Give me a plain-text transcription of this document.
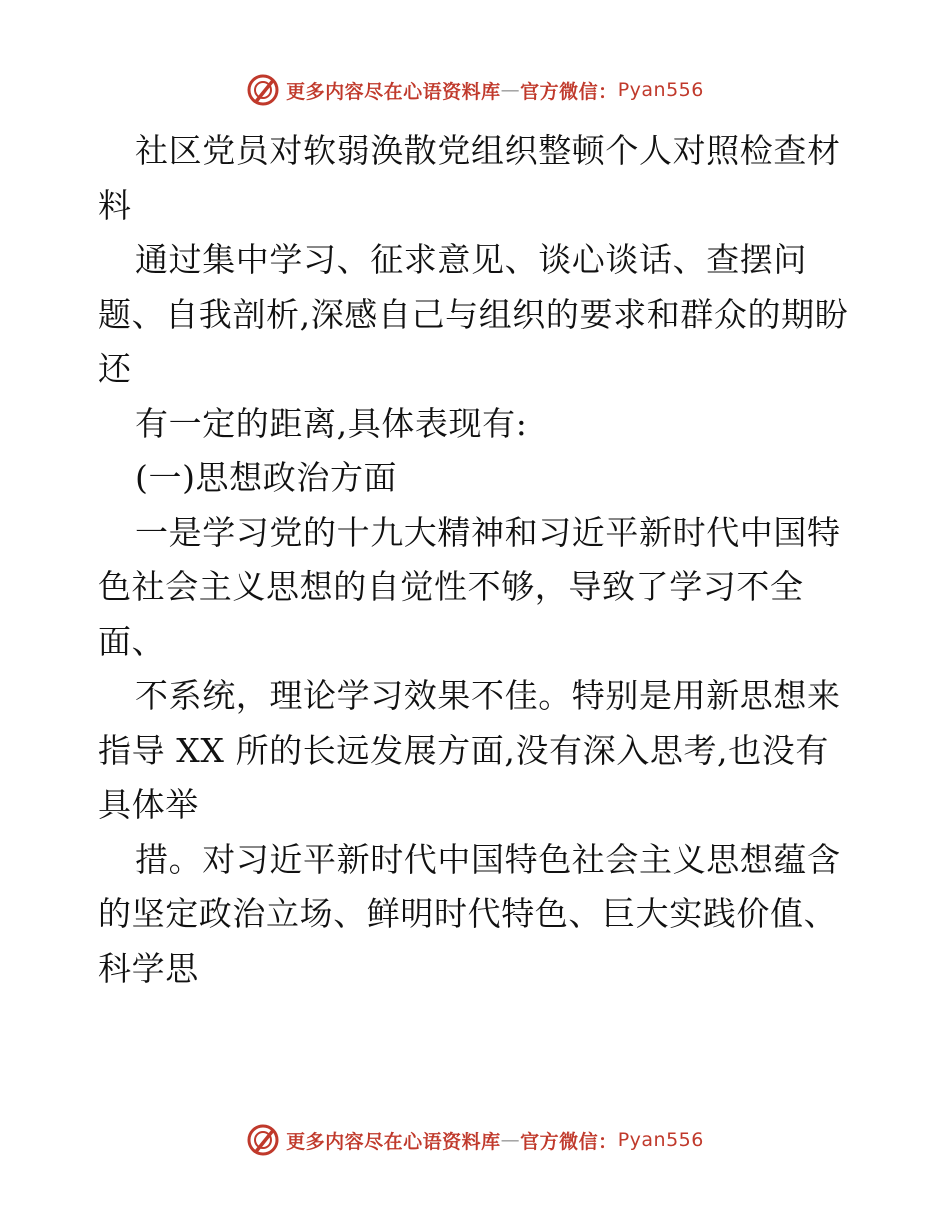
更多内容尽在心语资料库 — 官方微信： Pyan556

社区党员对软弱涣散党组织整顿个人对照检查材料

通过集中学习、征求意见、谈心谈话、查摆问题、自我剖析,深感自己与组织的要求和群众的期盼还

有一定的距离,具体表现有:

(一)思想政治方面

一是学习党的十九大精神和习近平新时代中国特色社会主义思想的自觉性不够，导致了学习不全面、

不系统，理论学习效果不佳。特别是用新思想来指导 XX 所的长远发展方面,没有深入思考,也没有具体举

措。对习近平新时代中国特色社会主义思想蕴含的坚定政治立场、鲜明时代特色、巨大实践价值、科学思

更多内容尽在心语资料库 — 官方微信： Pyan556
